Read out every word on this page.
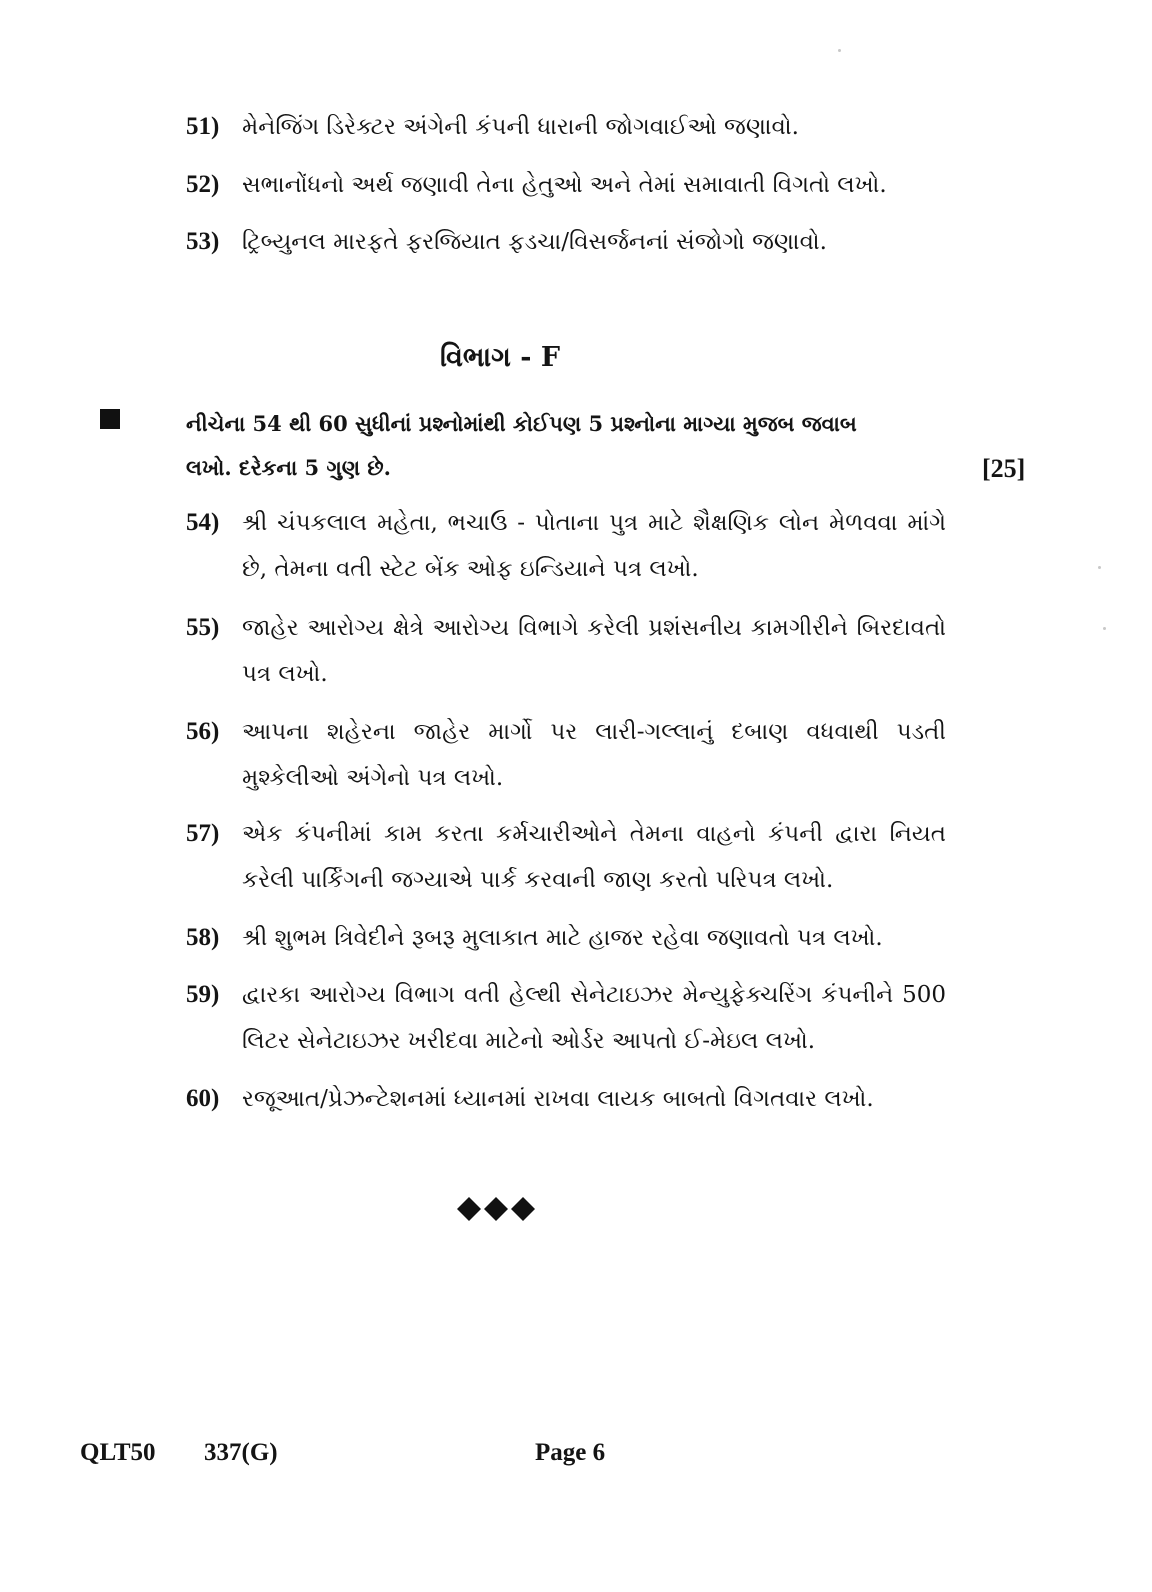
51) મેનેજિંગ ડિરેક્ટર અંગેની કંપની ધારાની જોગવાઈઓ જણાવો.
52) સભાનોંધનો અર્થ જણાવી તેના હેતુઓ અને તેમાં સમાવાતી વિગતો લખો.
53) ટ્રિબ્યુનલ મારફતે ફરજિયાત ફડચા/વિસર્જનનાં સંજોગો જણાવો.
વિભાગ - F
નીચેના 54 થી 60 સુધીનાં પ્રશ્નોમાંથી કોઈપણ 5 પ્રશ્નોના માગ્યા મુજબ જવાબ લખો. દરેકના 5 ગુણ છે.	[25]
54) શ્રી ચંપકલાલ મહેતા, ભચાઉ - પોતાના પુત્ર માટે શૈક્ષણિક લોન મેળવવા માંગે છે, તેમના વતી સ્ટેટ બેંક ઓફ ઇન્ડિયાને પત્ર લખો.
55) જાહેર આરોગ્ય ક્ષેત્રે આરોગ્ય વિભાગે કરેલી પ્રશંસનીય કામગીરીને બિરદાવતો પત્ર લખો.
56) આપના શહેરના જાહેર માર્ગો પર લારી-ગલ્લાનું દબાણ વધવાથી પડતી મુશ્કેલીઓ અંગેનો પત્ર લખો.
57) એક કંપનીમાં કામ કરતા કર્મચારીઓને તેમના વાહનો કંપની દ્વારા નિયત કરેલી પાર્કિંગની જગ્યાએ પાર્ક કરવાની જાણ કરતો પરિપત્ર લખો.
58) શ્રી શુભમ ત્રિવેદીને રૂબરૂ મુલાકાત માટે હાજર રહેવા જણાવતો પત્ર લખો.
59) દ્વારકા આરોગ્ય વિભાગ વતી હેલ્થી સેનેટાઇઝર મેન્યુફેક્ચરિંગ કંપનીને 500 લિટર સેનેટાઇઝર ખરીદવા માટેનો ઓર્ડર આપતો ઈ-મેઇલ લખો.
60) રજૂઆત/પ્રેઝન્ટેશનમાં ધ્યાનમાં રાખવા લાયક બાબતો વિગતવાર લખો.
QLT50 337(G)	Page 6
